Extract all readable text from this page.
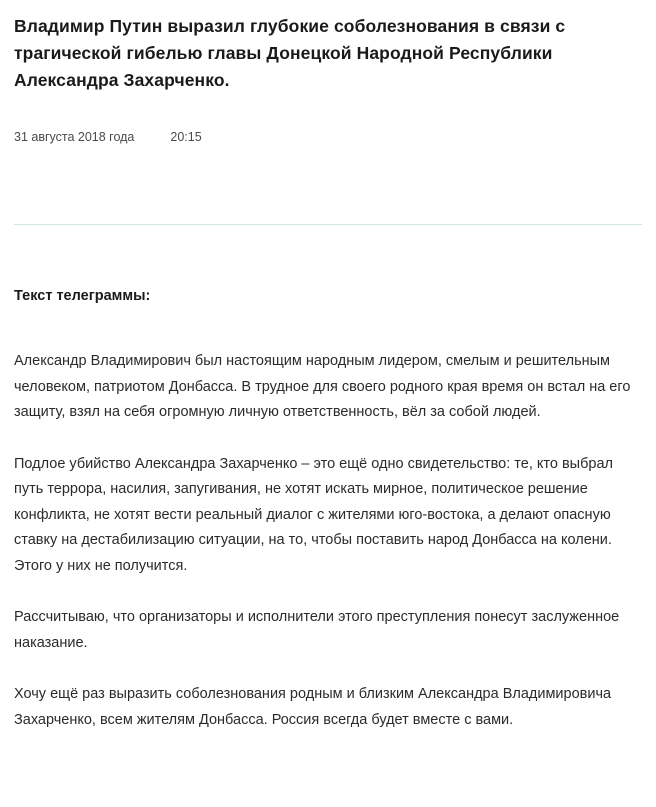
Владимир Путин выразил глубокие соболезнования в связи с трагической гибелью главы Донецкой Народной Республики Александра Захарченко.
31 августа 2018 года	20:15

Текст телеграммы:

Александр Владимирович был настоящим народным лидером, смелым и решительным человеком, патриотом Донбасса. В трудное для своего родного края время он встал на его защиту, взял на себя огромную личную ответственность, вёл за собой людей.

Подлое убийство Александра Захарченко – это ещё одно свидетельство: те, кто выбрал путь террора, насилия, запугивания, не хотят искать мирное, политическое решение конфликта, не хотят вести реальный диалог с жителями юго-востока, а делают опасную ставку на дестабилизацию ситуации, на то, чтобы поставить народ Донбасса на колени. Этого у них не получится.

Рассчитываю, что организаторы и исполнители этого преступления понесут заслуженное наказание.

Хочу ещё раз выразить соболезнования родным и близким Александра Владимировича Захарченко, всем жителям Донбасса. Россия всегда будет вместе с вами.
